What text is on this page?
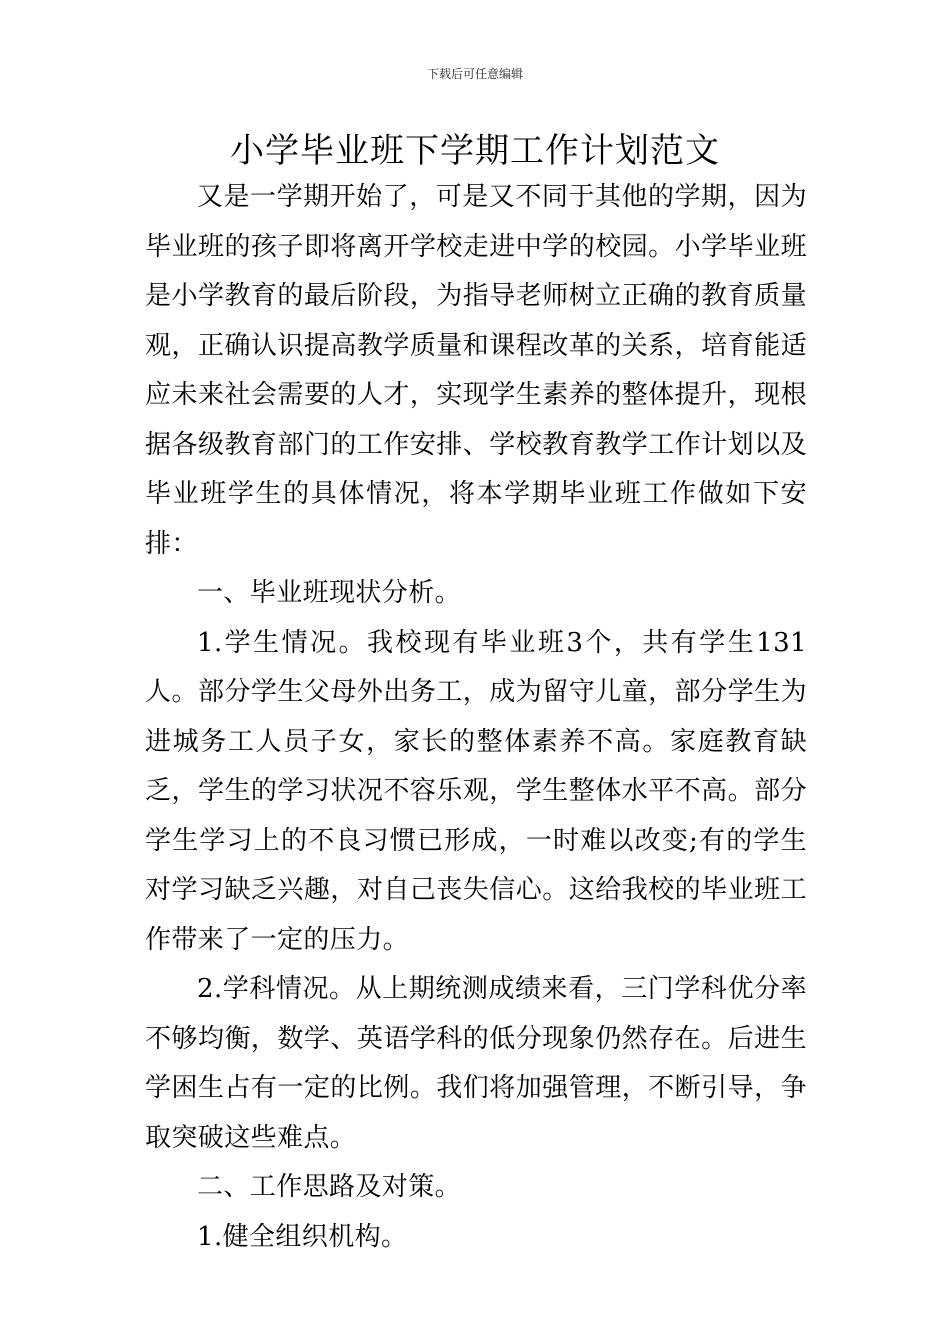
下载后可任意编辑
小学毕业班下学期工作计划范文

又是一学期开始了，可是又不同于其他的学期，因为毕业班的孩子即将离开学校走进中学的校园。小学毕业班是小学教育的最后阶段，为指导老师树立正确的教育质量观，正确认识提高教学质量和课程改革的关系，培育能适应未来社会需要的人才，实现学生素养的整体提升，现根据各级教育部门的工作安排、学校教育教学工作计划以及毕业班学生的具体情况，将本学期毕业班工作做如下安排：

一、毕业班现状分析。

1.学生情况。我校现有毕业班3个，共有学生131人。部分学生父母外出务工，成为留守儿童，部分学生为进城务工人员子女，家长的整体素养不高。家庭教育缺乏，学生的学习状况不容乐观，学生整体水平不高。部分学生学习上的不良习惯已形成，一时难以改变;有的学生对学习缺乏兴趣，对自己丧失信心。这给我校的毕业班工作带来了一定的压力。

2.学科情况。从上期统测成绩来看，三门学科优分率不够均衡，数学、英语学科的低分现象仍然存在。后进生学困生占有一定的比例。我们将加强管理，不断引导，争取突破这些难点。

二、工作思路及对策。

1.健全组织机构。
